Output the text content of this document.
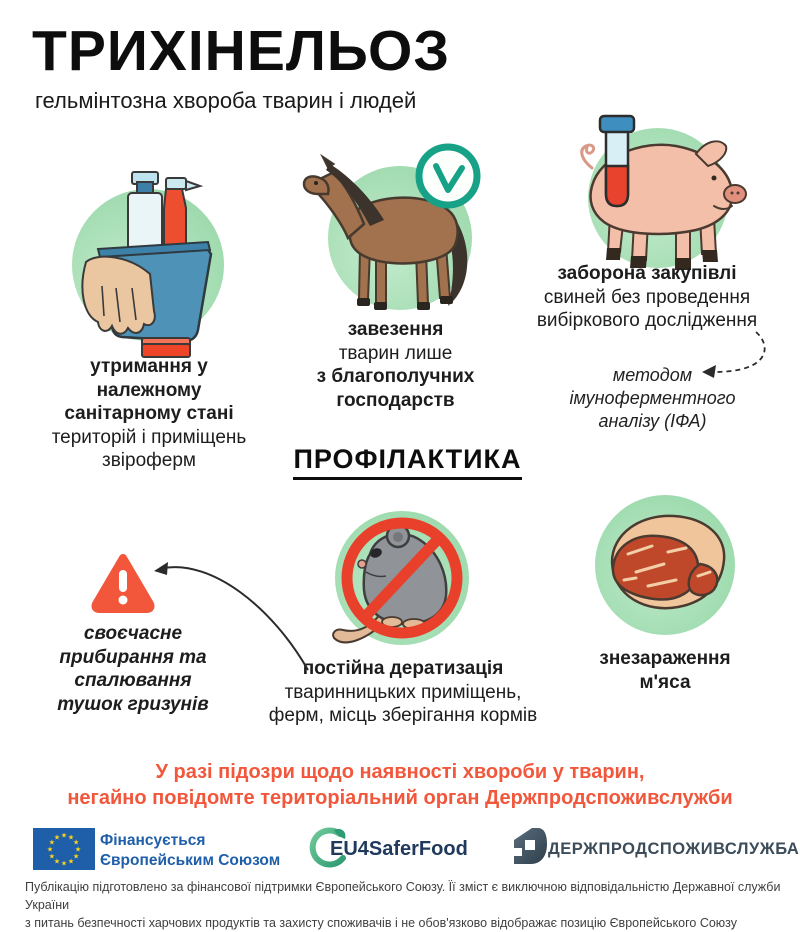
ТРИХІНЕЛЬОЗ
гельмінтозна хвороба тварин і людей
утримання у
належному
санітарному стані
територій і приміщень
звіроферм
завезення
тварин лише
з благополучних
господарств
заборона закупівлі
свиней без проведення
вибіркового дослідження
методом
імуноферментного
аналізу (ІФА)
ПРОФІЛАКТИКА
постійна дератизація
тваринницьких приміщень,
ферм, місць зберігання кормів
своєчасне
прибирання та
спалювання
тушок гризунів
знезараження
м'яса
У разі підозри щодо наявності хвороби у тварин,
негайно повідомте територіальний орган Держпродспоживслужби
★
★
★
★
★
★
★
★
★ ★ ★
★ Фінансується
Європейським Союзом
EU4SaferFood	ДЕРЖПРОДСПОЖИВСЛУЖБА
Публікацію підготовлено за фінансової підтримки Європейського Союзу. Її зміст є виключною відповідальністю Державної служби України
з питань безпечності харчових продуктів та захисту споживачів і не обов'язково відображає позицію Європейського Союзу
